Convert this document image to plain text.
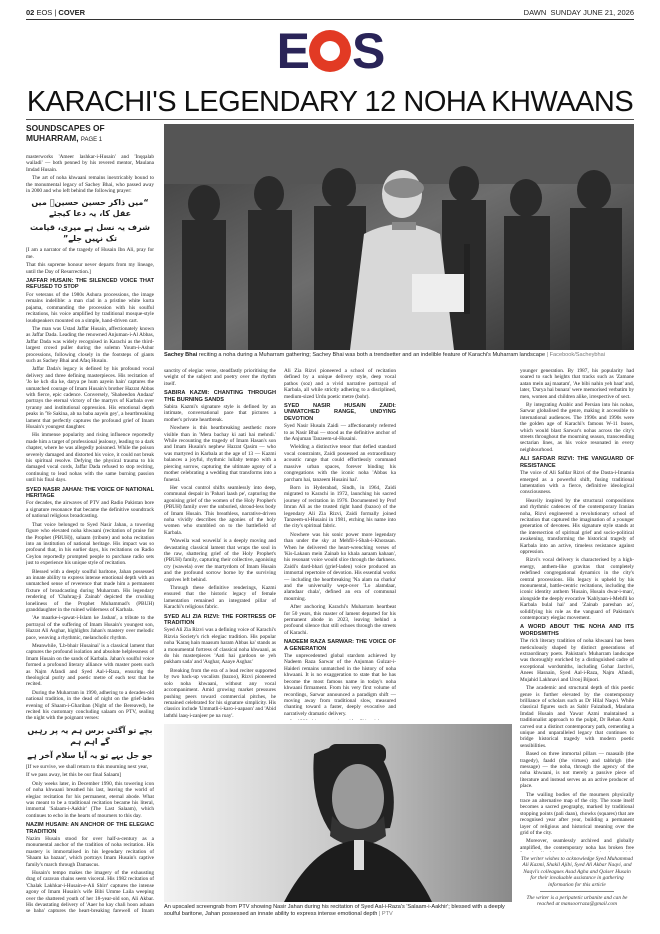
02 EOS | COVER	DAWN SUNDAY JUNE 21, 2026
E S
KARACHI'S LEGENDARY 12 NOHA KHWAANS
SOUNDSCAPES OF MUHARRAM, PAGE 1

masterworks 'Ameer lashkar-i-Husain' and 'Inqqalab wailadi' — both penned by his revered mentor, Maulana Imdad Husain.

The art of noha khwaani remains inextricably bound to the monumental legacy of Sachey Bhai, who passed away in 2000 and who left behind the following prayer:

“میں ذاکر حسین حسینؑ میں عقل کا، یہ دعا کیجئے

شرف یہ نسل ہے میری، قیامت تک نہیں جلے”

[I am a narrator of the tragedy of Husain Ibn Ali, pray for me.

That this supreme honour never departs from my lineage, until the Day of Resurrection.]

JAFFAR HUSAIN: THE SILENCED VOICE THAT REFUSED TO STOP

For veterans of the 1980s Ashura processions, the image remains indelible: a man clad in a pristine white kurta pajama, commanding the procession with his soulful recitations, his voice amplified by traditional mosque-style loudspeakers mounted on a simple, hand-driven cart.

The man was Ustad Jaffar Husain, affectionately known as Jaffar Dada. Leading the renowned Anjuman-i-Al Abbas, Jaffar Dada was widely recognised in Karachi as the third-largest crowd puller during the solemn Youm-i-Ashur processions, following closely in the footsteps of giants such as Sachey Bhai and Afaq Husain.

Jaffar Dada's legacy is defined by his profound vocal delivery and three defining masterpieces. His recitation of 'Jo ke kch dia ke, darya pe hum aayein hain' captures the unmatched courage of Imam Husain's brother Hazrat Abbas with fierce, epic cadence. Conversely, 'Shaheedon Andaaz' portrays the eternal victory of the martyrs of Karbala over tyranny and institutional oppression. His emotional depth peaks in 'Ye Sakina, ab na baba aayein gey', a heartbreaking lament that perfectly captures the profound grief of Imam Husain's youngest daughter.

His immense popularity and rising influence reportedly made him a target of professional jealousy, leading to a dark chapter, where he was allegedly poisoned. While the poison severely damaged and distorted his voice, it could not break his spiritual resolve. Defying the physical trauma to his damaged vocal cords, Jaffar Dada refused to stop reciting, continuing to lead nohas with the same burning passion until his final days.

SYED NASIR JAHAN: THE VOICE OF NATIONAL HERITAGE

For decades, the airwaves of PTV and Radio Pakistan bore a signature resonance that became the definitive soundtrack of national religious broadcasting.

That voice belonged to Syed Nasir Jahan, a towering figure who elevated noha khwaani (recitation of praise for the Prophet (PBUH)), salaam (tribute) and noha recitation into an institution of national heritage. His impact was so profound that, in his earlier days, his recitations on Radio Ceylon reportedly prompted people to purchase radio sets just to experience his unique style of recitation.

Blessed with a deeply soulful baritone, Jahan possessed an innate ability to express intense emotional depth with an unmatched sense of reverence that made him a permanent fixture of broadcasting during Muharram. His legendary rendering of 'Chahrag-ji Zainab' depicted the crushing loneliness of the Prophet Muhammad's (PBUH) granddaughter in the ruined wilderness of Karbala.

'Ae maarke-i-qawat-i-Islam ke Jashan', a tribute to the portrayal of the suffering of Imam Husain's youngest son, Hazrat Ali Asghar, highlights Jahan's mastery over melodic pace, weaving a rhythmic, melancholic rhythm.

Meanwhile, 'Lb-bhair Husainai' is a classical lament that captures the profound isolation and absolute helplessness of Imam Husain on the sands of Karbala. Jahan's soulful voice formed a profound literary alliance with master poets such as Najm Afandi and Syed Aal-i-Raza, ensuring the theological purity and poetic metre of each text that he recited.

During the Muharram in 1990, adhering to a decades-old national tradition, in the dead of night on the grief-laden evening of Shaam-i-Ghariban (Night of the Bereaved), he recited his customary concluding salaam on PTV, sealing the night with the poignant verses:

بچے تو آگئی برس ہم یہ پر رہیں گے اہم ہم

جو جل بہے تو یہ آیا سلام آخر ہے

[If we survive, we shall return to this mourning next year,

If we pass away, let this be our final Salaam]

Only weeks later, in December 1990, this towering icon of noha khwaani breathed his last, leaving the world of elegiac recitation for his permanent, eternal abode. What was meant to be a traditional recitation became his literal, immortal 'Salaam-i-Aakhir' (The Last Salaam), which continues to echo in the hearts of mourners to this day.

NAZIM HUSAIN: AN ANCHOR OF THE ELEGIAC TRADITION

Nazim Husain stood for over half-a-century as a monumental anchor of the tradition of noha recitation. His mastery is immortalised in his legendary recitation of 'Shaam ka bazaar', which portrays Imam Husain's captive family's march through Damascus.

Husain's tempo makes the imagery of the exhausting drag of caravan chains seem visceral. His 1982 recitation of 'Chalak Lakhkar-i-Husain-e-Ali Shirr' captures the intense agony of Imam Husain's wife Bibi Umme Laila weeping over the shattered youth of her 18-year-old son, Ali Akbar. His devastating delivery of 'Aaer ho kay chali hoon ashaan se baba' captures the heart-breaking farewell of Imam

Sachey Bhai reciting a noha during a Muharram gathering; Sachey Bhai was both a trendsetter and an indelible feature of Karachi's Muharram landscape | Facebook/Sacheybhai

sanctity of elegiac verse, steadfastly prioritising the weight of the subject and poetry over the rhythm itself.

SABIRA KAZMI: CHANTING THROUGH THE BURNING SANDS

Sabira Kazmi's signature style is defined by an intimate, conversational pace that pictures a mother's private heartbreak.

Nowhere is this heartbreaking aesthetic more visible than in 'Mera bachay ki aati hai mehndi.' While recounting the tragedy of Imam Hasan's son and Imam Husain's nephew Hazrat Qasim — who was martyred in Karbala at the age of 13 — Kazmi balances a joyful, rhythmic lullaby tempo with a piercing sorrow, capturing the ultimate agony of a mother celebrating a wedding that transforms into a funeral.

Her vocal control shifts seamlessly into deep, communal despair in 'Pahari laash pe', capturing the agonising grief of the women of the Holy Prophet's (PBUH) family over the unburied, shroud-less body of Imam Husain. This breathless, narrative-driven noha vividly describes the agonies of the holy women who stumbled on to the battlefield of Karbala.

'Waweila wad wuweila' is a deeply moving and devastating classical lament that wraps the soul in the raw, shattering grief of the Holy Prophet's (PBUH) family, capturing their collective, agonising cry (wawela) over the martyrdom of Imam Husain and the profound sorrow borne by the surviving captives left behind.

Through these definitive renderings, Kazmi ensured that the historic legacy of female lamentation remained an integrated pillar of Karachi's religious fabric.

SYED ALI ZIA RIZVI: THE FORTRESS OF TRADITION

Syed Ali Zia Rizvi was a defining voice of Karachi's Rizvia Society's rich elegiac tradition. His popular noha 'Karaq hain maasum haram Abbas ka' stands as a monumental fortress of classical noha khwaani, as do his masterpieces 'Aati hai gardoon se yeh pukham sada' and 'Asghar, Aaaye Asghar.'

Breaking from the era of a lead reciter supported by two back-up vocalists (bazoo), Rizvi pioneered solo noha khwaani, without any vocal accompaniment. Amid growing market pressures pushing peers toward commercial pitches, he remained celebrated for his signature simplicity. His classics include 'Ummatli-i-karo-i-aapaon' and 'Abid laththi laaq-i-zanjeer pe na roay'.

Ali Zia Rizvi pioneered a school of recitation defined by a unique delivery style, deep vocal pathos (soz) and a vivid narrative portrayal of Karbala, all while strictly adhering to a disciplined, medium-sized Urdu poetic metre (bohr).

SYED NASIR HUSAIN ZAIDI: UNMATCHED RANGE, UNDYING DEVOTION

Syed Nasir Husain Zaidi — affectionately referred to as Nasir Bhai — stood as the definitive anchor of the Anjuman Tanzeem-ul-Husaini.

Wielding a distinctive tenor that defied standard vocal constraints, Zaidi possessed an extraordinary acoustic range that could effortlessly command massive urban spaces, forever binding his congregations with the iconic noha 'Abbas ka parcham hai, tanzeem Husaini hai'.

Born in Hyderabad, Sindh, in 1964, Zaidi migrated to Karachi in 1972, launching his sacred journey of recitation in 1976. Documented by Prof Imran Ali as the trusted right hand (bazoo) of the legendary Ali Zia Rizvi, Zaidi formally joined Tanzeem-ul-Husaini in 1981, etching his name into the city's spiritual fabric.

Nowhere was his sonic power more legendary than under the sky at Mehfil-i-Shah-i-Khorasan. When he delivered the heart-wrenching verses of 'Kis-Lakaun mein Zainab ko khala aaraam kahaan', his resonant voice would slice through the darkness. Zaidi's dard-bhari (grief-laden) voice produced an immortal repertoire of devotion. His essential works — including the heartbreaking 'Na alam na charka' and the universally wept-over 'Lo alamdaar, alamdaar chala', defined an era of communal mourning.

After anchoring Karachi's Muharram heartbeat for 50 years, this master of lament departed for his permanent abode in 2023, leaving behind a profound silence that still echoes through the streets of Karachi.

NADEEM RAZA SARWAR: THE VOICE OF A GENERATION

The unprecedented global stardom achieved by Nadeem Raza Sarwar of the Anjuman Gulzar-i-Haideri remains unmatched in the history of noha khwaani. It is no exaggeration to state that he has become the most famous name in today's noha khwaani firmament. From his very first volume of recordings, Sarwar announced a paradigm shift — moving away from traditional slow, measured chanting toward a faster, deeply evocative and narratively dramatic delivery.

An upscaled screengrab from PTV showing Nasir Jahan during his recitation of Syed Aal-i-Raza's 'Salaam-i-Aakhir'; blessed with a deeply soulful baritone, Jahan possessed an innate ability to express intense emotional depth | PTV

younger generation. By 1987, his popularity had soared to such heights that tracks such as 'Zamane aatan mein aaj maatam', 'Ae bibi nahin yeh baat' and, later, 'Darya hai bunara' were memorised verbatim by men, women and children alike, irrespective of sect.

By integrating Arabic and Persian into his nohas, Sarwar globalised the genre, making it accessible to international audiences. The 1990s and 1990s were the golden age of Karachi's famous W-11 buses, which would blast Sarwar's nohas across the city's streets throughout the mourning season, transcending sectarian lines, as his voice resonated in every neighbourhood.

ALI SAFDAR RIZVI: THE VANGUARD OF RESISTANCE

The voice of Ali Safdar Rizvi of the Dasta-i-Imamia emerged as a powerful shift, fusing traditional lamentation with a fierce, definitive ideological consciousness.

Heavily inspired by the structural compositions and rhythmic cadences of the contemporary Iranian noha, Rizvi engineered a revolutionary school of recitation that captured the imagination of a younger generation of devotees. His signature style stands at the intersection of spiritual grief and socio-political awakening, transforming the historical tragedy of Karbala into an active, timeless resistance against oppression.

Rizvi's vocal delivery is characterised by a high-energy, anthem-like gravitas that completely redefined congregational dynamics in the city's central processions. His legacy is upheld by his monumental, battle-centric recitations, including the iconic identity anthem 'Husain, Husain dwar-i-man', alongside the deeply evocative 'Kahlyaan-i-Mehfil ko Karbala bulal hai' and 'Zainab pareshan ao', solidifying his role as the vanguard of Pakistan's contemporary elegiac movement.

A WORD ABOUT THE NOHA AND ITS WORDSMITHS

The rich literary tradition of noha khwaani has been meticulously shaped by distinct generations of extraordinary poets. Pakistan's Muharram landscape was thoroughly enriched by a distinguished cadre of exceptional wordsmiths, including Gohar Jarchvi, Anees Hasnain, Syed Aal-i-Raza, Najm Afandi, Mujahid Lakhnavi and Urooj Bijnori.

The academic and structural depth of this poetic genre is further elevated by the contemporary brilliance of scholars such as Dr Hilal Naqvi. While classical figures such as Sabir Faizabadi, Maulana Imdad Husain and Yawar Azmi maintained a traditionalist approach to the pulpit, Dr Rehan Azmi carved out a distinct contemporary path, cementing a unique and unparalleled legacy that continues to bridge historical tragedy with modern poetic sensibilities.

Based on three immortal pillars — maasaib (the tragedy), faadd (the virtues) and tabbrigh (the message) — the noha, through the agency of the noha khwaani, is not merely a passive piece of literature and instead serves as an active producer of place.

The wailing bodies of the mourners physically trace an alternative map of the city. The route itself becomes a sacred geography, marked by traditional stopping points (pali daan), chowks (squares) that are recognised year after year, building a permanent layer of religious and historical meaning over the grid of the city.

Moreover, seamlessly archived and globally amplified, the contemporary noha has broken free

The writer wishes to acknowledge Syed Muhammad Ali Kazmi, Shakil Ajibi, Syed Ali Akbar Naqvi, and Naqvi's colleagues Asad Agha and Qaiser Husain for their invaluable assistance in gathering information for this article

The writer is a peripatetic urbanite and can be reached at mansoorraza@gmail.com
